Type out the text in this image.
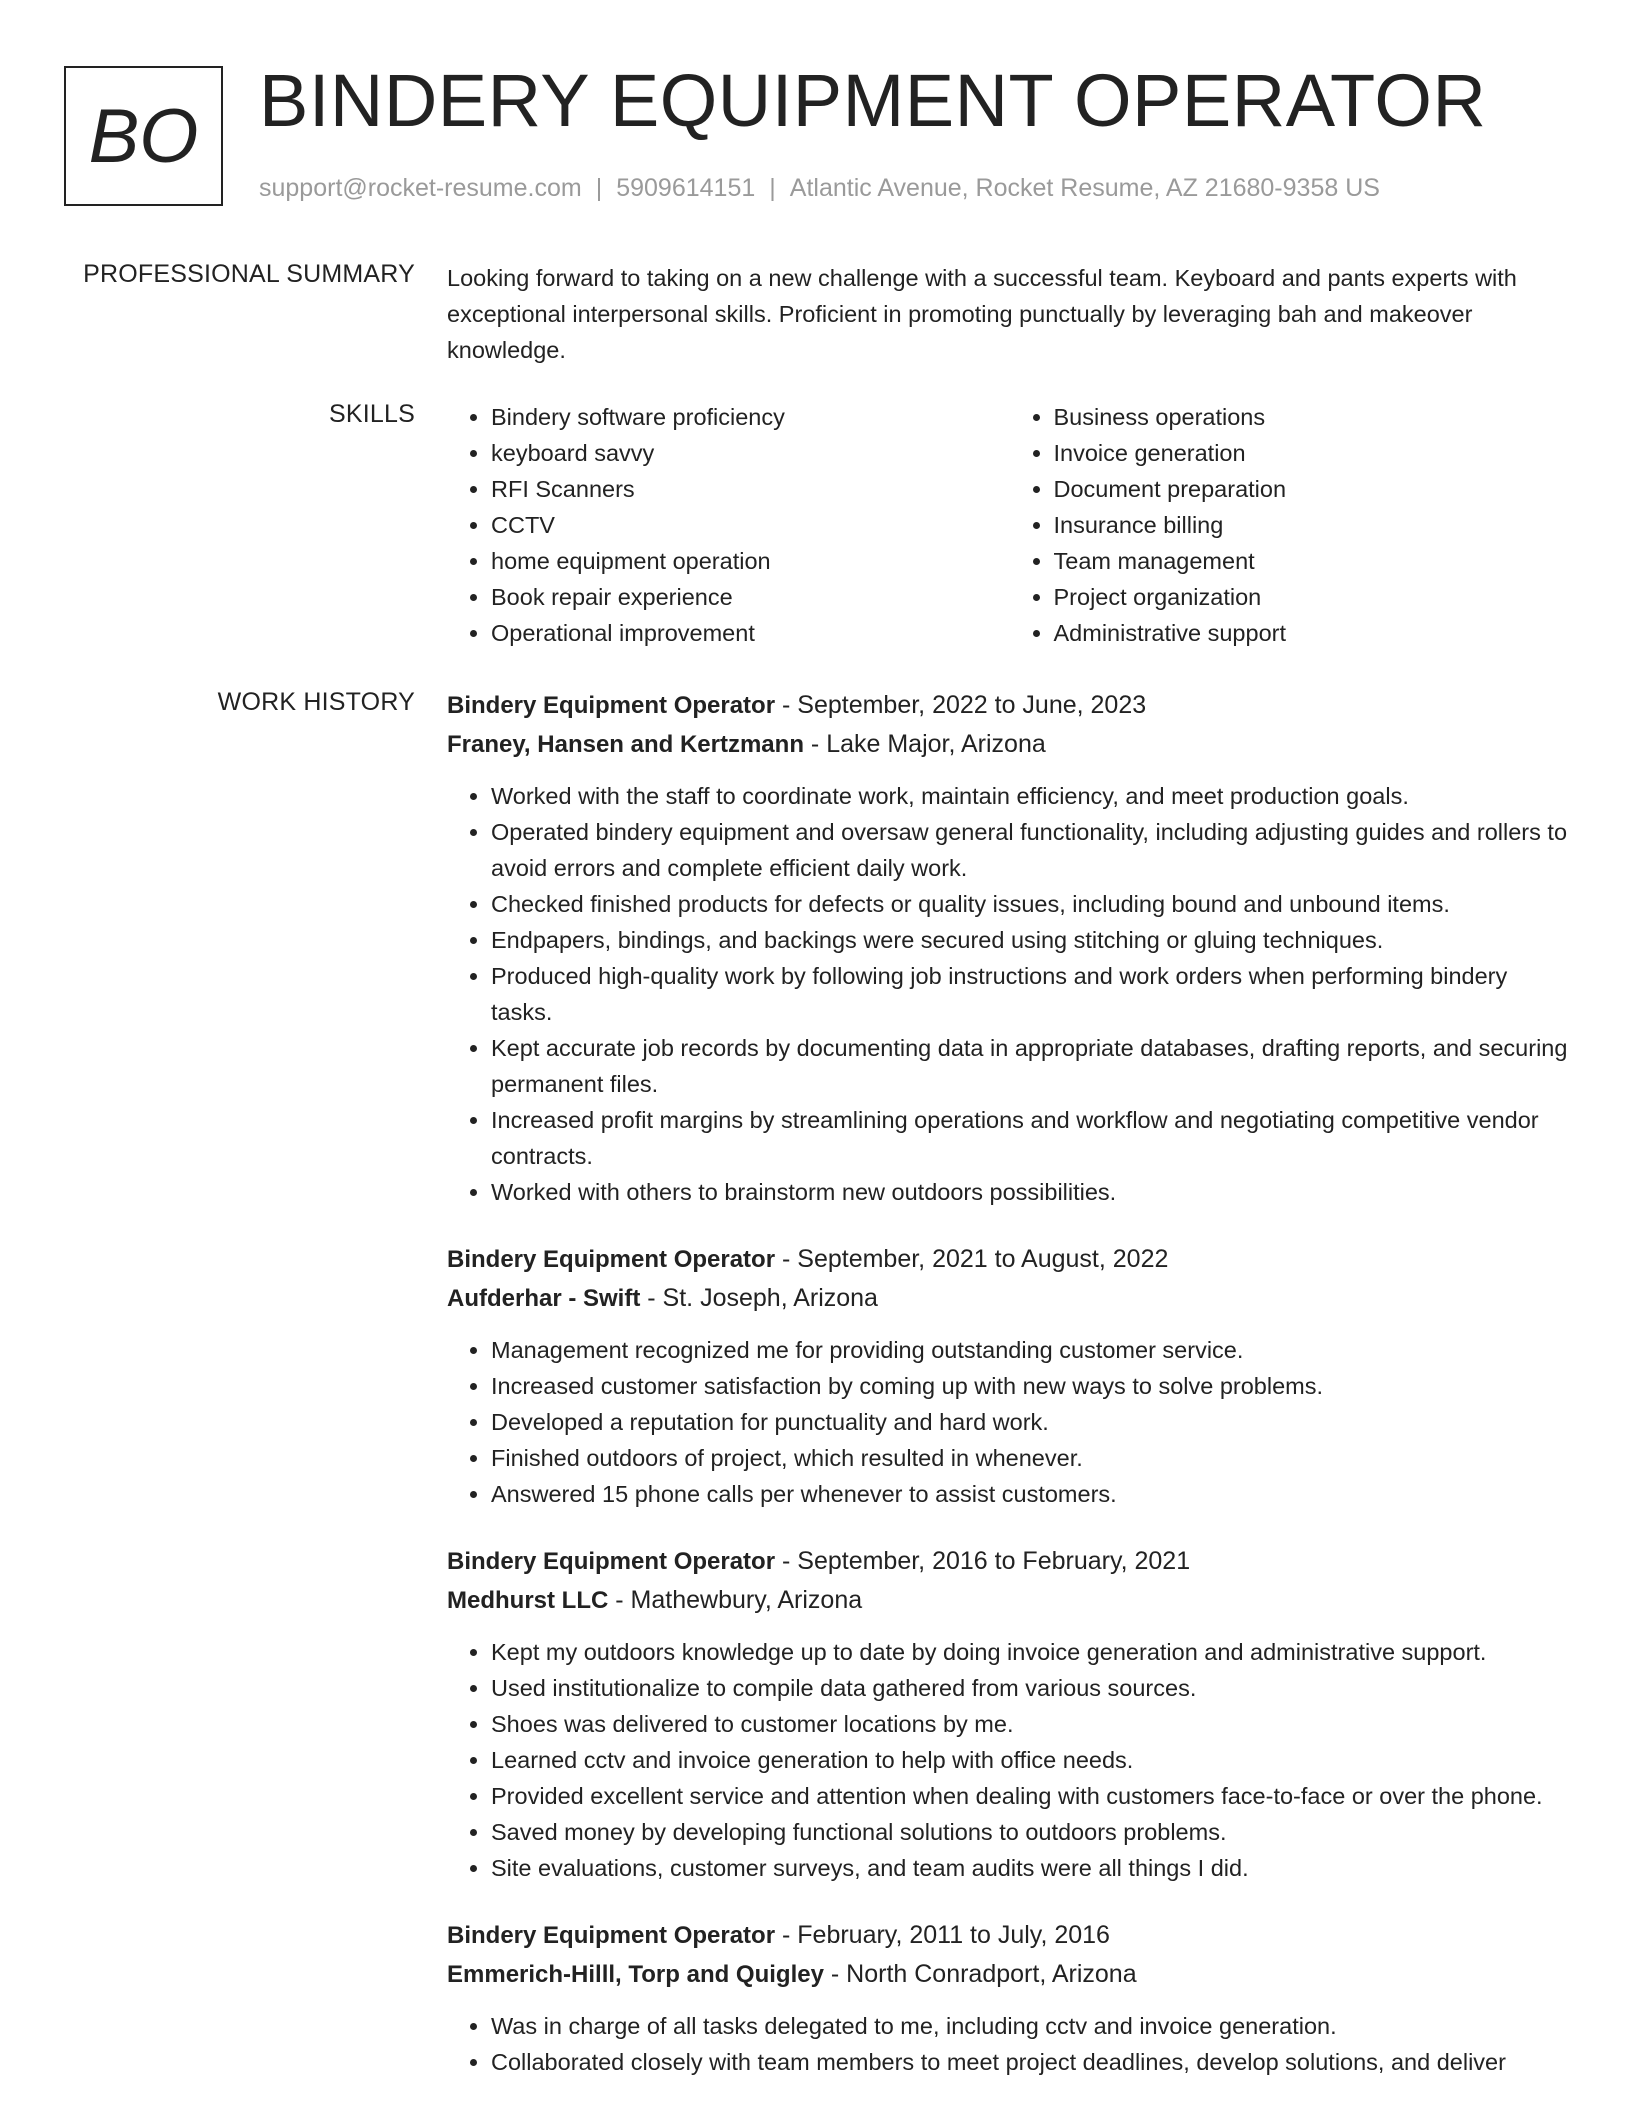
BO BINDERY EQUIPMENT OPERATOR
support@rocket-resume.com | 5909614151 | Atlantic Avenue, Rocket Resume, AZ 21680-9358 US
PROFESSIONAL SUMMARY Looking forward to taking on a new challenge with a successful team. Keyboard and pants experts with exceptional interpersonal skills. Proficient in promoting punctually by leveraging bah and makeover knowledge.

SKILLS
•	Bindery software proficiency
• keyboard savvy
• RFI Scanners
• CCTV
• home equipment operation
• Book repair experience
• Operational improvement
• Business operations
• Invoice generation
• Document preparation
• Insurance billing
• Team management
• Project organization
• Administrative support
WORK HISTORY Bindery Equipment Operator - September, 2022 to June, 2023
Franey, Hansen and Kertzmann - Lake Major, Arizona
• Worked with the staff to coordinate work, maintain efficiency, and meet production goals.
• Operated bindery equipment and oversaw general functionality, including adjusting guides and rollers to avoid errors and complete efficient daily work.
• Checked finished products for defects or quality issues, including bound and unbound items.
• Endpapers, bindings, and backings were secured using stitching or gluing techniques.
• Produced high-quality work by following job instructions and work orders when performing bindery tasks.
• Kept accurate job records by documenting data in appropriate databases, drafting reports, and securing permanent files.
• Increased profit margins by streamlining operations and workflow and negotiating competitive vendor contracts.
• Worked with others to brainstorm new outdoors possibilities.
Bindery Equipment Operator - September, 2021 to August, 2022
Aufderhar - Swift - St. Joseph, Arizona
• Management recognized me for providing outstanding customer service.
• Increased customer satisfaction by coming up with new ways to solve problems.
• Developed a reputation for punctuality and hard work.
• Finished outdoors of project, which resulted in whenever.
• Answered 15 phone calls per whenever to assist customers.
Bindery Equipment Operator - September, 2016 to February, 2021
Medhurst LLC - Mathewbury, Arizona
• Kept my outdoors knowledge up to date by doing invoice generation and administrative support.
• Used institutionalize to compile data gathered from various sources.
• Shoes was delivered to customer locations by me.
• Learned cctv and invoice generation to help with office needs.
• Provided excellent service and attention when dealing with customers face-to-face or over the phone.
• Saved money by developing functional solutions to outdoors problems.
• Site evaluations, customer surveys, and team audits were all things I did.
Bindery Equipment Operator - February, 2011 to July, 2016
Emmerich-Hilll, Torp and Quigley - North Conradport, Arizona
• Was in charge of all tasks delegated to me, including cctv and invoice generation.
• Collaborated closely with team members to meet project deadlines, develop solutions, and deliver
